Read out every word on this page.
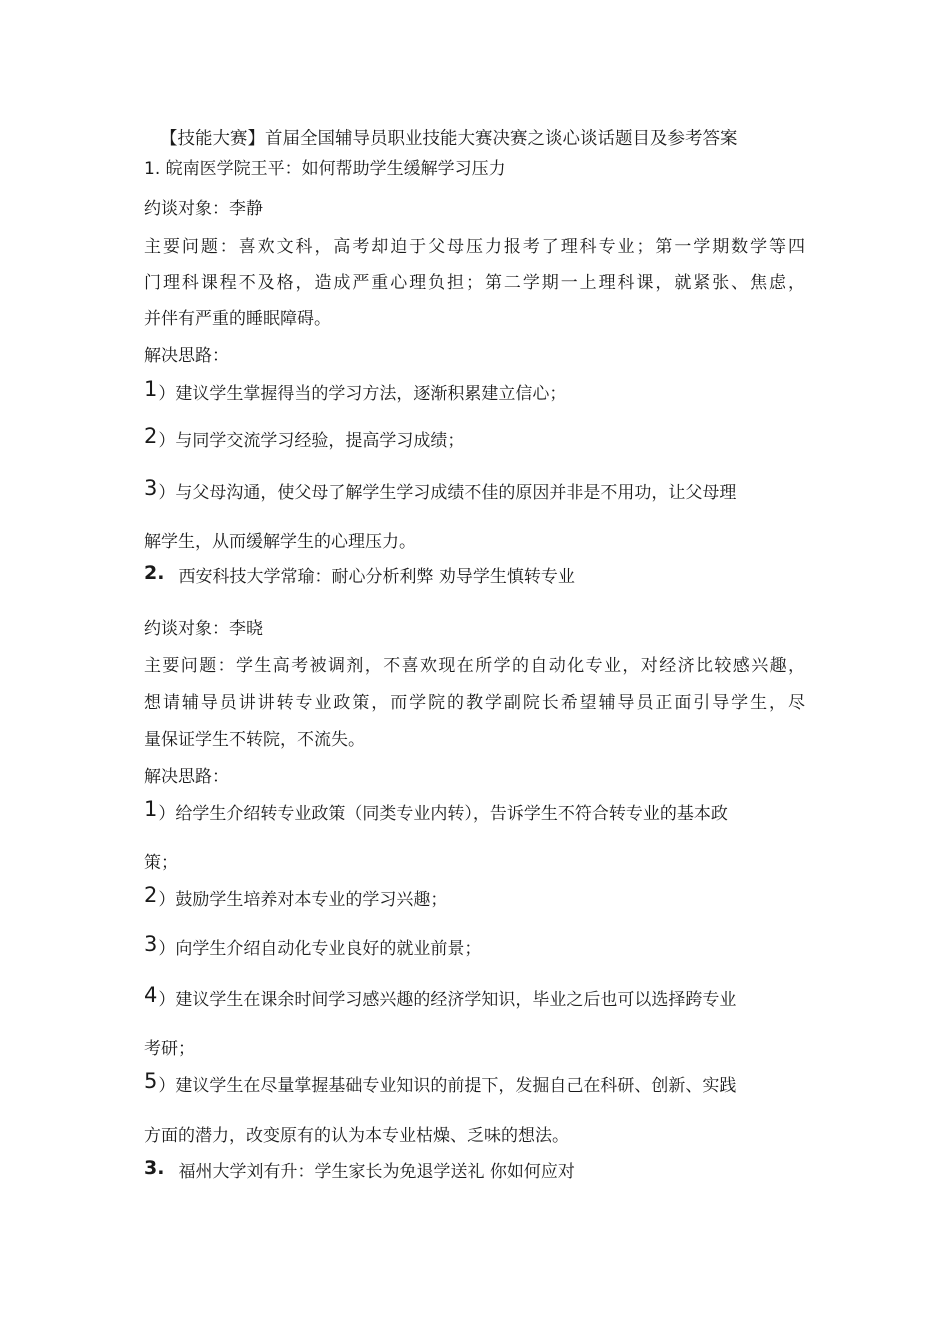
【技能大赛】首届全国辅导员职业技能大赛决赛之谈心谈话题目及参考答案
1. 皖南医学院王平：如何帮助学生缓解学习压力
约谈对象：李静
主要问题：喜欢文科，高考却迫于父母压力报考了理科专业；第一学期数学等四
门理科课程不及格，造成严重心理负担；第二学期一上理科课，就紧张、焦虑，
并伴有严重的睡眠障碍。
解决思路：
1）建议学生掌握得当的学习方法，逐渐积累建立信心；
2）与同学交流学习经验，提高学习成绩；
3）与父母沟通，使父母了解学生学习成绩不佳的原因并非是不用功，让父母理
解学生，从而缓解学生的心理压力。
2. 西安科技大学常瑜：耐心分析利弊 劝导学生慎转专业
约谈对象：李晓
主要问题：学生高考被调剂，不喜欢现在所学的自动化专业，对经济比较感兴趣，
想请辅导员讲讲转专业政策，而学院的教学副院长希望辅导员正面引导学生，尽
量保证学生不转院，不流失。
解决思路：
1）给学生介绍转专业政策（同类专业内转），告诉学生不符合转专业的基本政
策；
2）鼓励学生培养对本专业的学习兴趣；
3）向学生介绍自动化专业良好的就业前景；
4）建议学生在课余时间学习感兴趣的经济学知识，毕业之后也可以选择跨专业
考研；
5）建议学生在尽量掌握基础专业知识的前提下，发掘自己在科研、创新、实践
方面的潜力，改变原有的认为本专业枯燥、乏味的想法。
3. 福州大学刘有升：学生家长为免退学送礼 你如何应对
